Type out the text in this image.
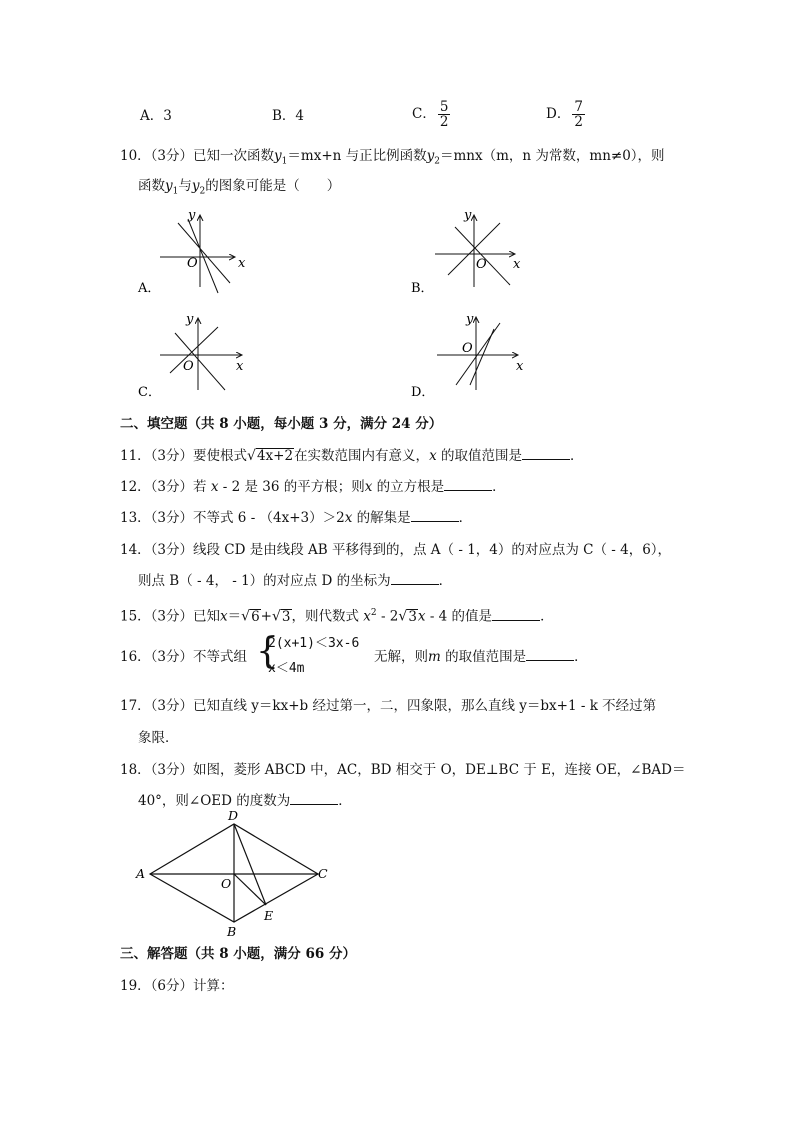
A．3	B．4	C． $\frac{5}{2}$	D． $\frac{7}{2}$
10．（3分）已知一次函数$y_1=mx+n$ 与正比例函数$y_2=mnx(m$，n 为常数，mn≠0），则
函数$y_1$与$y_2$的图象可能是（　　）
O	x
y
A．
O x
y
B．
O	x
y
C．
O
x
y
D．
二、填空题（共 8 小题，每小题 3 分，满分 24 分）
11．（3分）要使根式√4x+2在实数范围内有意义，x 的取值范围是	．
12．（3分）若 x - 2 是 36 的平方根；则x 的立方根是	．
13．（3分）不等式 6 - （4x+3）＞2x 的解集是	．
14．（3分）线段 CD 是由线段 AB 平移得到的，点 A（ - 1，4）的对应点为 C（ - 4，6），
则点 B（ - 4， - 1）的对应点 D 的坐标为	．
15．（3分）已知x＝√6+√3，则代数式 $x^2 - 2√3x - 4$ 的值是	．
16．（3分）不等式组 {
2(x+1)＜3x-6
x＜4m
无解，则m 的取值范围是	．
17．（3分）已知直线 y＝kx+b 经过第一，二，四象限，那么直线 y＝bx+1 - k 不经过第
象限．
18．（3分）如图，菱形 ABCD 中，AC，BD 相交于 O，DE⊥BC 于 E，连接 OE，∠BAD＝
40°，则∠OED 的度数为	．
D
A	C
O
E
B
三、解答题（共 8 小题，满分 66 分）
19．（6分）计算：
